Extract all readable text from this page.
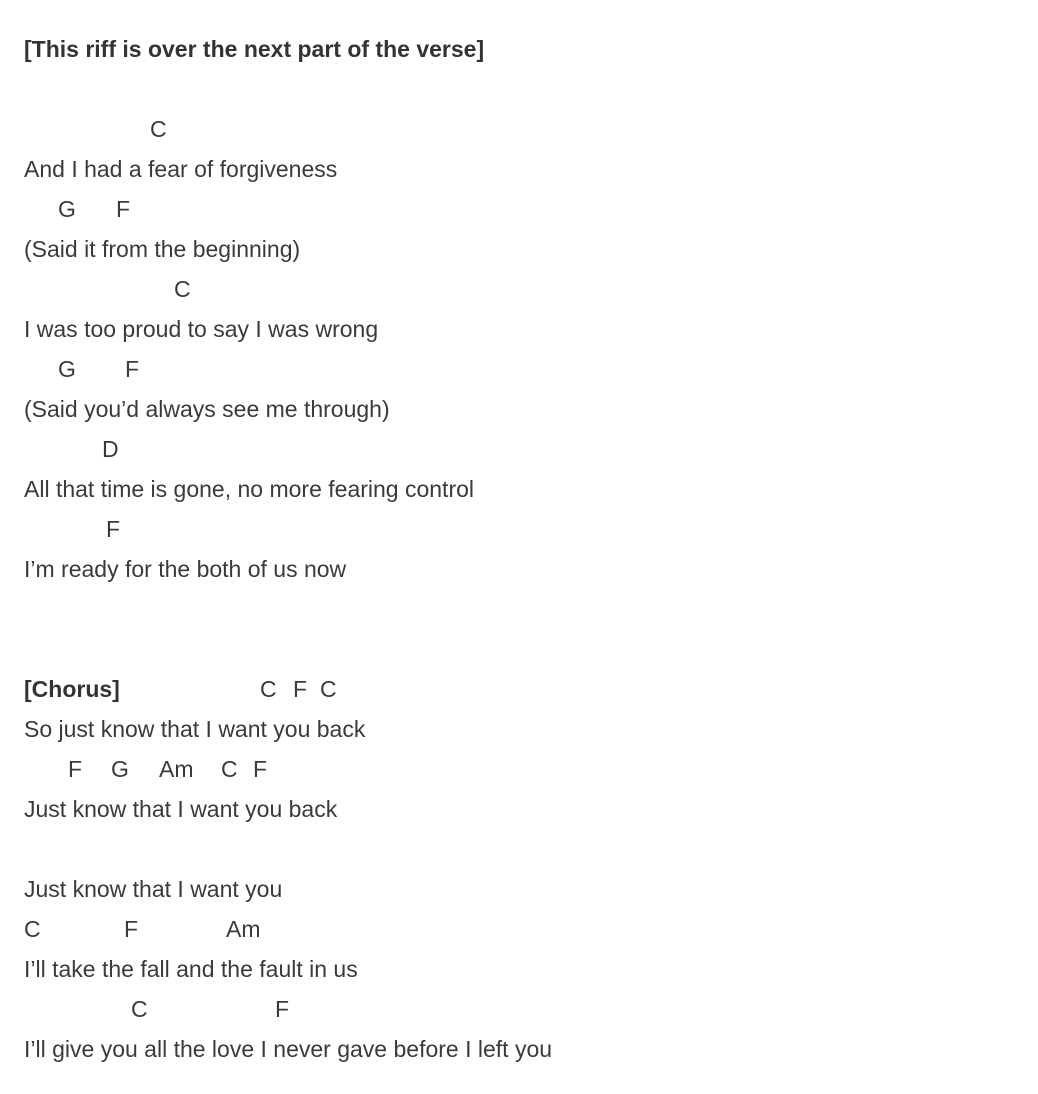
[This riff is over the next part of the verse]
C
And I had a fear of forgiveness
G F
(Said it from the beginning)
C
I was too proud to say I was wrong
G F
(Said you’d always see me through)
D
All that time is gone, no more fearing control
F
I’m ready for the both of us now
[Chorus]	C F C
So just know that I want you back
F G Am C F
Just know that I want you back
Just know that I want you
C	F	Am
I’ll take the fall and the fault in us
C	F
I’ll give you all the love I never gave before I left you
